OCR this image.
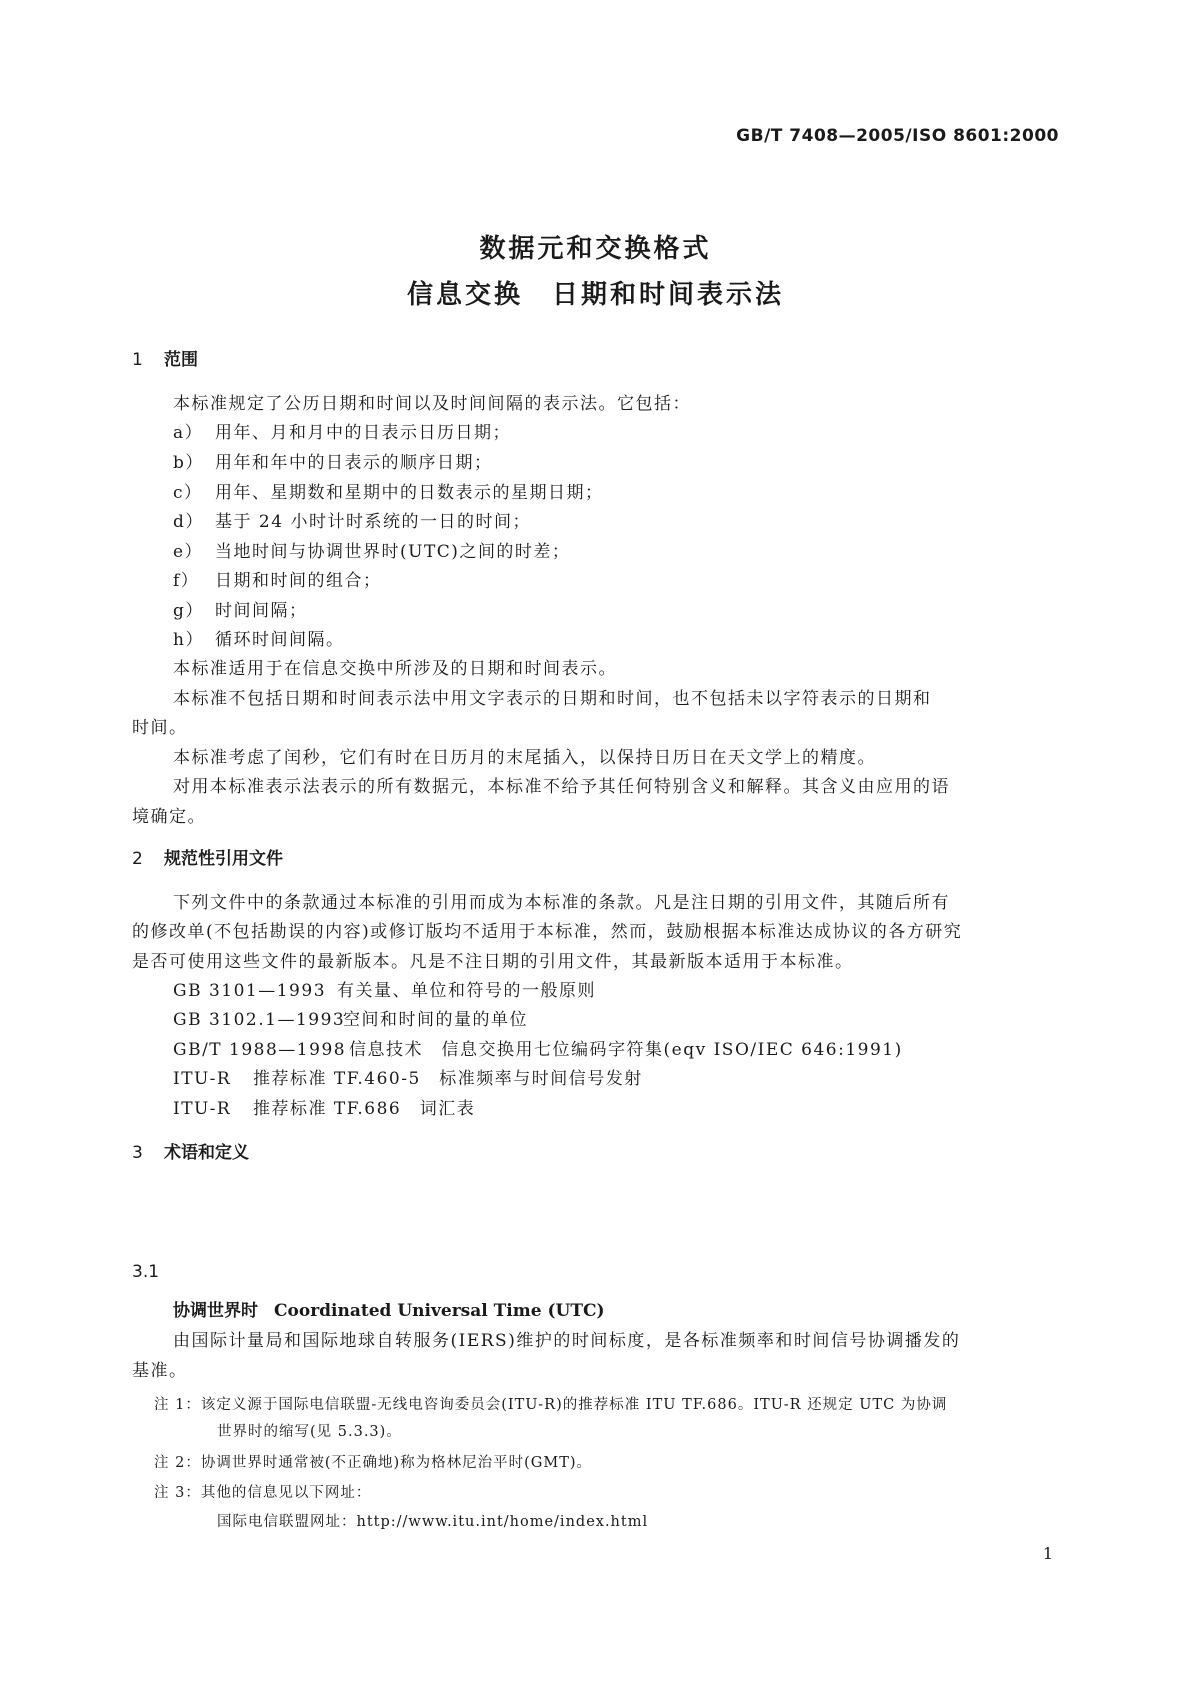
GB/T 7408—2005/ISO 8601:2000
数据元和交换格式
信息交换　日期和时间表示法
1 范围
本标准规定了公历日期和时间以及时间间隔的表示法。它包括：
a） 用年、月和月中的日表示日历日期；
b） 用年和年中的日表示的顺序日期；
c） 用年、星期数和星期中的日数表示的星期日期；
d） 基于 24 小时计时系统的一日的时间；
e） 当地时间与协调世界时(UTC)之间的时差；
f） 日期和时间的组合；
g） 时间间隔；
h） 循环时间间隔。
本标准适用于在信息交换中所涉及的日期和时间表示。
本标准不包括日期和时间表示法中用文字表示的日期和时间，也不包括未以字符表示的日期和
时间。
本标准考虑了闰秒，它们有时在日历月的末尾插入，以保持日历日在天文学上的精度。
对用本标准表示法表示的所有数据元，本标准不给予其任何特别含义和解释。其含义由应用的语
境确定。
2 规范性引用文件
下列文件中的条款通过本标准的引用而成为本标准的条款。凡是注日期的引用文件，其随后所有
的修改单(不包括勘误的内容)或修订版均不适用于本标准，然而，鼓励根据本标准达成协议的各方研究
是否可使用这些文件的最新版本。凡是不注日期的引用文件，其最新版本适用于本标准。
GB 3101—1993 有关量、单位和符号的一般原则
GB 3102.1—1993空间和时间的量的单位
GB/T 1988—1998 信息技术　信息交换用七位编码字符集(eqv ISO/IEC 646:1991)
ITU-R 推荐标准 TF.460-5　标准频率与时间信号发射
ITU-R 推荐标准 TF.686　词汇表
3 术语和定义
3.1
协调世界时 Coordinated Universal Time (UTC)
由国际计量局和国际地球自转服务(IERS)维护的时间标度，是各标准频率和时间信号协调播发的
基准。
注 1：该定义源于国际电信联盟-无线电咨询委员会(ITU-R)的推荐标准 ITU TF.686。ITU-R 还规定 UTC 为协调
世界时的缩写(见 5.3.3)。
注 2：协调世界时通常被(不正确地)称为格林尼治平时(GMT)。
注 3：其他的信息见以下网址：
国际电信联盟网址：http://www.itu.int/home/index.html
1
